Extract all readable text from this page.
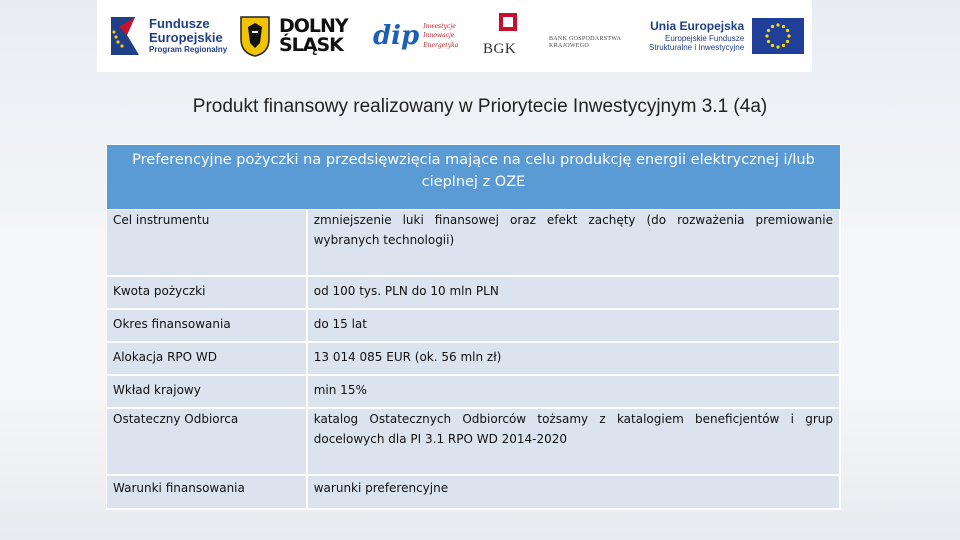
Fundusze
Europejskie
Program Regionalny
DOLNY
ŚLĄSK dip Inwestycje
Innowacje
Energetyka BGK
BANK GOSPODARSTWA
KRAJOWEGO
Unia Europejska
Europejskie Fundusze
Strukturalne i Inwestycyjne
Produkt finansowy realizowany w Priorytecie Inwestycyjnym 3.1 (4a)
Preferencyjne pożyczki na przedsięwzięcia mające na celu produkcję energii elektrycznej i/lub cieplnej z OZE
Cel instrumentu	zmniejszenie luki finansowej oraz efekt zachęty (do rozważenia premiowanie wybranych technologii)
Kwota pożyczki	od 100 tys. PLN do 10 mln PLN
Okres finansowania	do 15 lat
Alokacja RPO WD	13 014 085 EUR (ok. 56 mln zł)
Wkład krajowy	min 15%
Ostateczny Odbiorca	katalog Ostatecznych Odbiorców tożsamy z katalogiem beneficjentów i grup docelowych dla PI 3.1 RPO WD 2014-2020
Warunki finansowania	warunki preferencyjne
